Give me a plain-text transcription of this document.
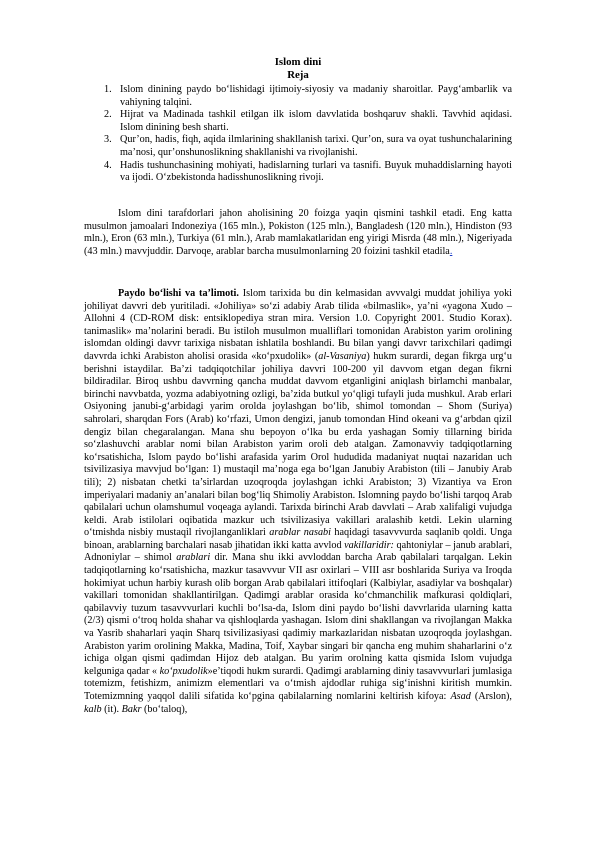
Islom dini
Reja
1. Islom dinining paydo bo‘lishidagi ijtimoiy-siyosiy va madaniy sharoitlar. Payg‘ambarlik va vahiyning talqini.
2. Hijrat va Madinada tashkil etilgan ilk islom davvlatida boshqaruv shakli. Tavvhid aqidasi. Islom dinining besh sharti.
3. Qur’on, hadis, fiqh, aqida ilmlarining shakllanish tarixi. Qur’on, sura va oyat tushunchalarining ma’nosi, qur’onshunoslikning shakllanishi va rivojlanishi.
4. Hadis tushunchasining mohiyati, hadislarning turlari va tasnifi. Buyuk muhaddislarning hayoti va ijodi. O‘zbekistonda hadisshunoslikning rivoji.

Islom dini tarafdorlari jahon aholisining 20 foizga yaqin qismini tashkil etadi. Eng katta musulmon jamoalari Indoneziya (165 mln.), Pokiston (125 mln.), Bangladesh (120 mln.), Hindiston (93 mln.), Eron (63 mln.), Turkiya (61 mln.), Arab mamlakatlaridan eng yirigi Misrda (48 mln.), Nigeriyada (43 mln.) mavvjuddir. Darvoqe, arablar barcha musulmonlarning 20 foizini tashkil etadila.

Paydo bo‘lishi va ta’limoti. Islom tarixida bu din kelmasidan avvvalgi muddat johiliya yoki johiliyat davvri deb yuritiladi. «Johiliya» so‘zi adabiy Arab tilida «bilmaslik», ya’ni «yagona Xudo – Allohni 4 (CD-ROM disk: entsiklopediya stran mira. Version 1.0. Copyright 2001. Studio Korax). tanimaslik» ma’nolarini beradi. Bu istiloh musulmon mualliflari tomonidan Arabiston yarim orolining islomdan oldingi davvr tarixiga nisbatan ishlatila boshlandi. Bu bilan yangi davvr tarixchilari qadimgi davvrda ichki Arabiston aholisi orasida «ko‘pxudolik» (al-Vasaniya) hukm surardi, degan fikrga urg‘u berishni istaydilar. Ba’zi tadqiqotchilar johiliya davvri 100-200 yil davvom etgan degan fikrni bildiradilar. Biroq ushbu davvrning qancha muddat davvom etganligini aniqlash birlamchi manbalar, birinchi navvbatda, yozma adabiyotning ozligi, ba’zida butkul yo‘qligi tufayli juda mushkul. Arab erlari Osiyoning janubi-g‘arbidagi yarim orolda joylashgan bo‘lib, shimol tomondan – Shom (Suriya) sahrolari, sharqdan Fors (Arab) ko‘rfazi, Umon dengizi, janub tomondan Hind okeani va g‘arbdan qizil dengiz bilan chegaralangan. Mana shu bepoyon o‘lka bu erda yashagan Somiy tillarning birida so‘zlashuvchi arablar nomi bilan Arabiston yarim oroli deb atalgan. Zamonavviy tadqiqotlarning ko‘rsatishicha, Islom paydo bo‘lishi arafasida yarim Orol hududida madaniyat nuqtai nazaridan uch tsivilizasiya mavvjud bo‘lgan: 1) mustaqil ma’noga ega bo‘lgan Janubiy Arabiston (tili – Janubiy Arab tili); 2) nisbatan chetki ta’sirlardan uzoqroqda joylashgan ichki Arabiston; 3) Vizantiya va Eron imperiyalari madaniy an’analari bilan bog‘liq Shimoliy Arabiston. Islomning paydo bo‘lishi tarqoq Arab qabilalari uchun olamshumul voqeaga aylandi. Tarixda birinchi Arab davvlati – Arab xalifaligi vujudga keldi. Arab istilolari oqibatida mazkur uch tsivilizasiya vakillari aralashib ketdi. Lekin ularning o‘tmishda nisbiy mustaqil rivojlanganliklari arablar nasabi haqidagi tasavvvurda saqlanib qoldi. Unga binoan, arablarning barchalari nasab jihatidan ikki katta avvlod vakillaridir: qahtoniylar – janub arablari, Adnoniylar – shimol arablari dir. Mana shu ikki avvloddan barcha Arab qabilalari tarqalgan. Lekin tadqiqotlarning ko‘rsatishicha, mazkur tasavvvur VII asr oxirlari – VIII asr boshlarida Suriya va Iroqda hokimiyat uchun harbiy kurash olib borgan Arab qabilalari ittifoqlari (Kalbiylar, asadiylar va boshqalar) vakillari tomonidan shakllantirilgan. Qadimgi arablar orasida ko‘chmanchilik mafkurasi qoldiqlari, qabilavviy tuzum tasavvvurlari kuchli bo‘lsa-da, Islom dini paydo bo‘lishi davvrlarida ularning katta (2/3) qismi o‘troq holda shahar va qishloqlarda yashagan. Islom dini shakllangan va rivojlangan Makka va Yasrib shaharlari yaqin Sharq tsivilizasiyasi qadimiy markazlaridan nisbatan uzoqroqda joylashgan. Arabiston yarim orolining Makka, Madina, Toif, Xaybar singari bir qancha eng muhim shaharlarini o‘z ichiga olgan qismi qadimdan Hijoz deb atalgan. Bu yarim orolning katta qismida Islom vujudga kelguniga qadar « ko‘pxudolik»e’tiqodi hukm surardi. Qadimgi arablarning diniy tasavvvurlari jumlasiga totemizm, fetishizm, animizm elementlari va o‘tmish ajdodlar ruhiga sig‘inishni kiritish mumkin. Totemizmning yaqqol dalili sifatida ko‘pgina qabilalarning nomlarini keltirish kifoya: Asad (Arslon), kalb (it). Bakr (bo‘taloq),
